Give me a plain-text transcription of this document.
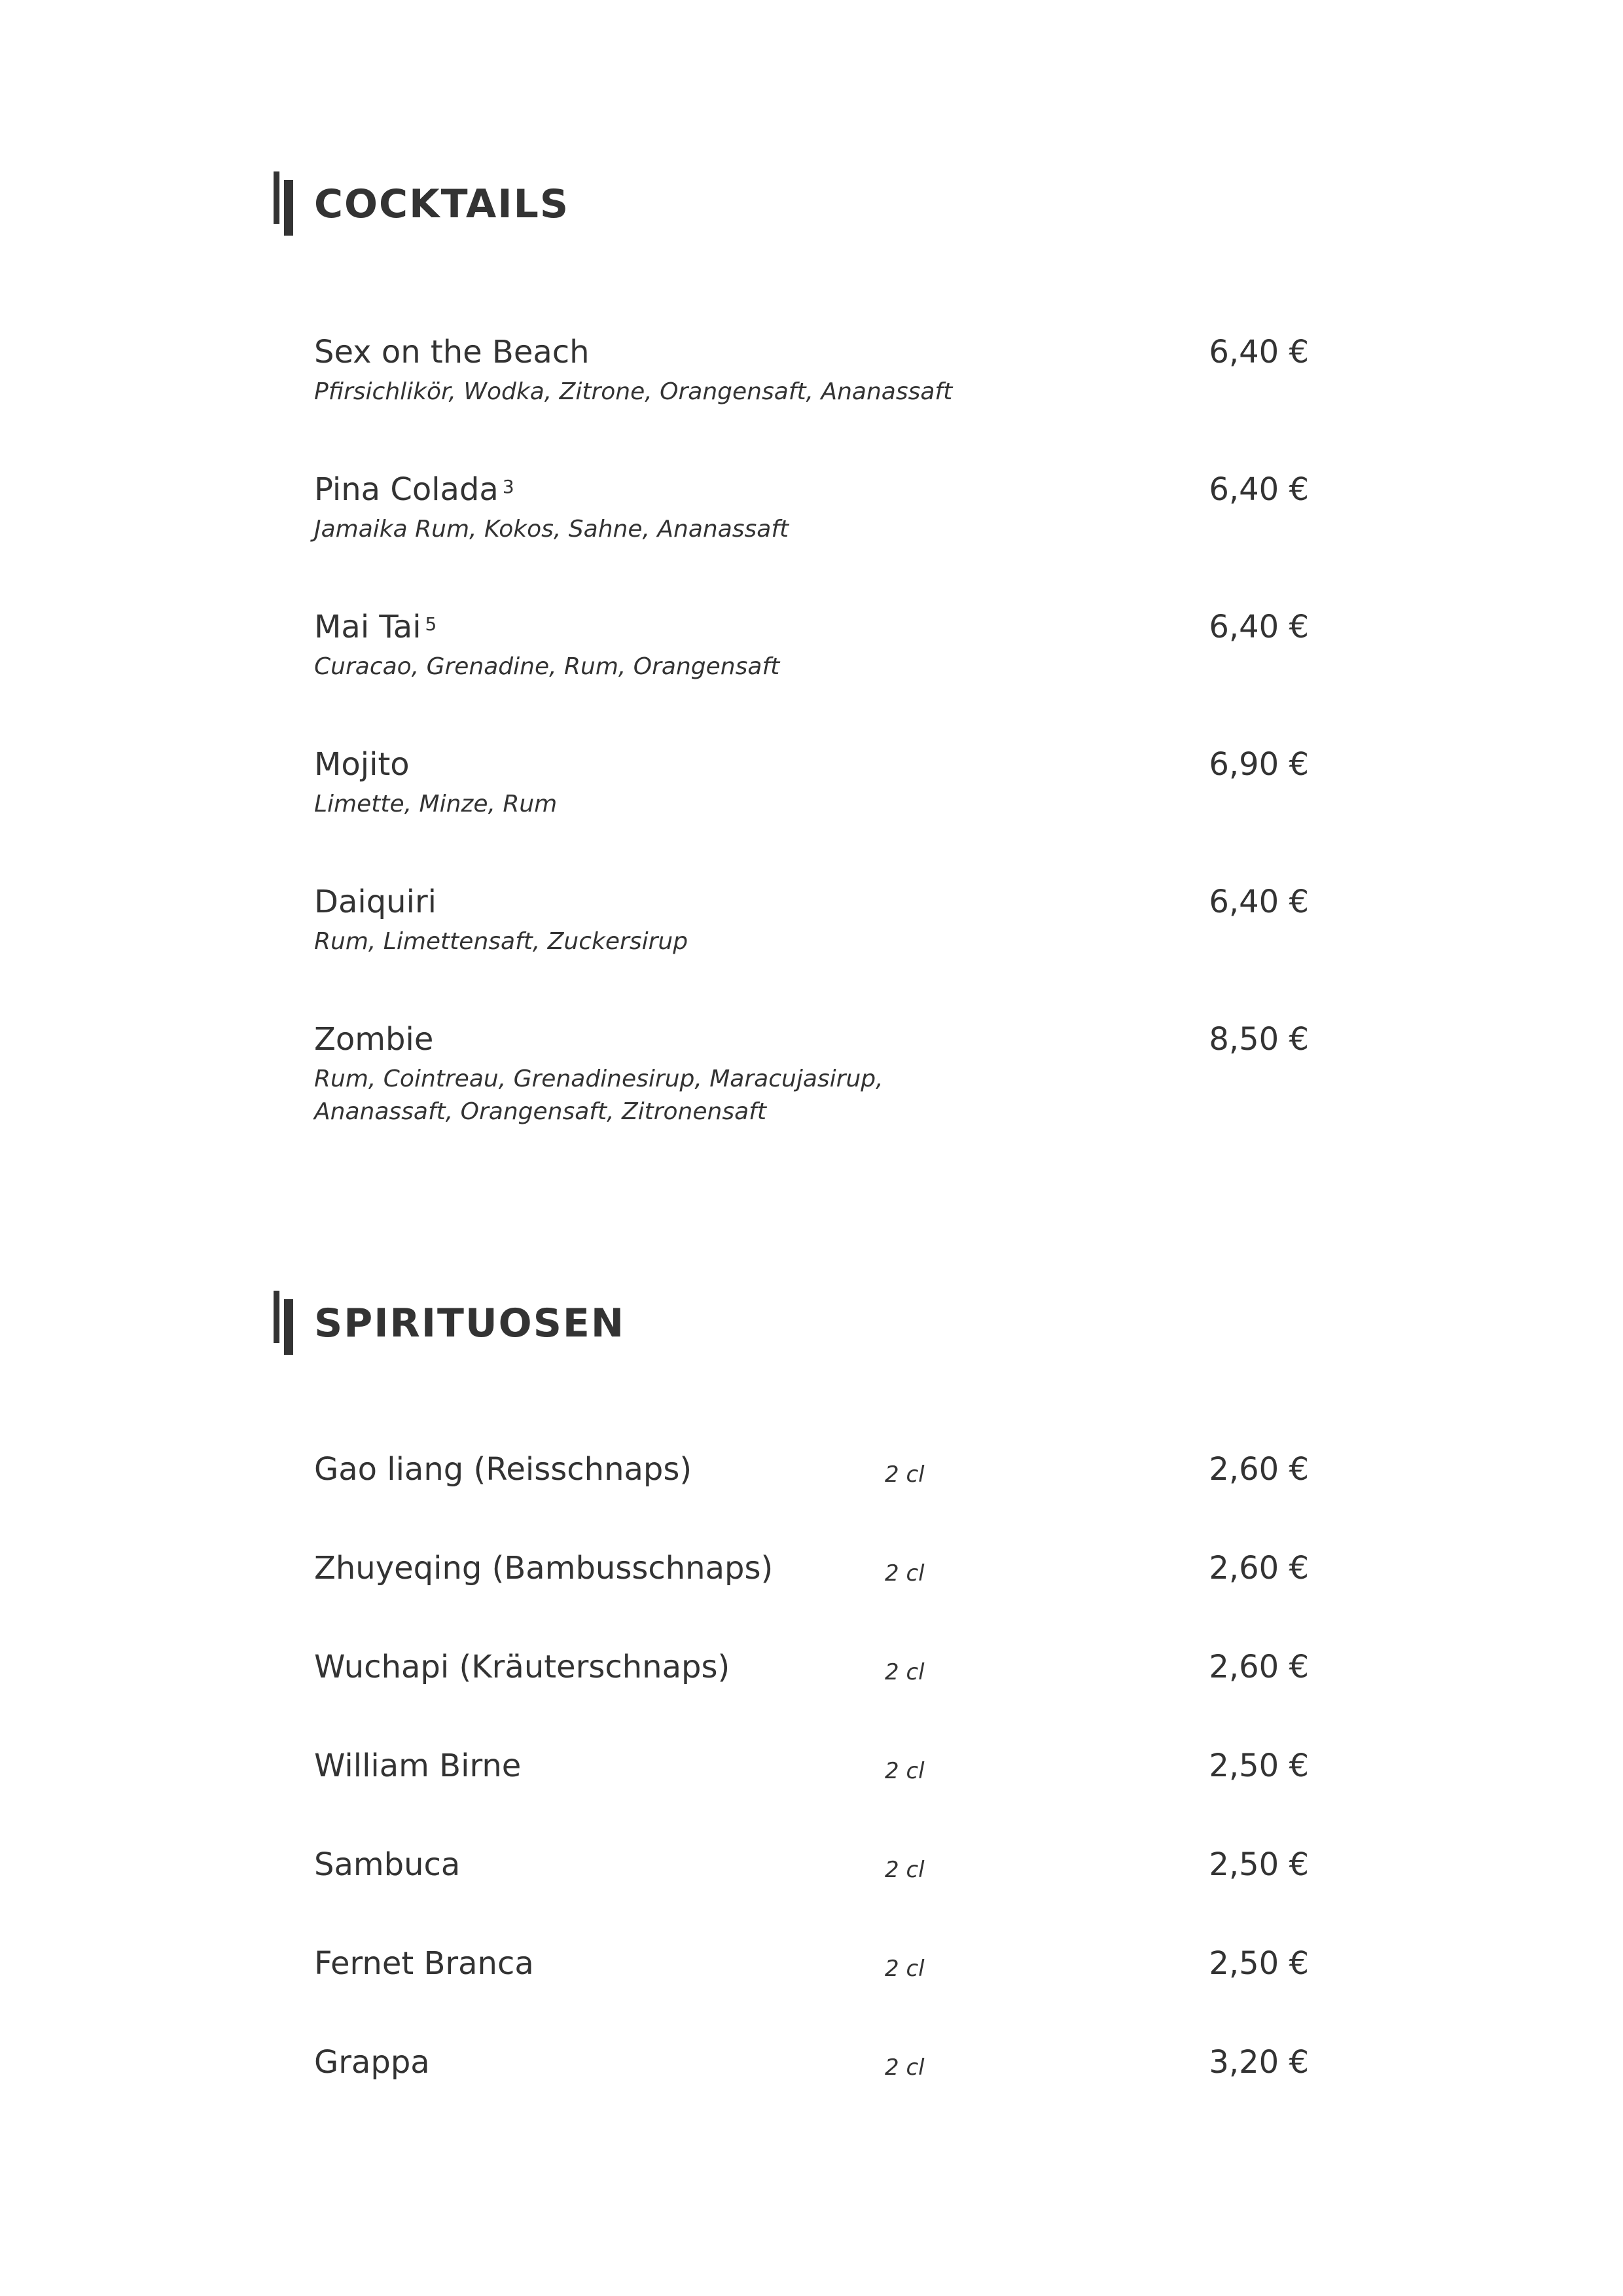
COCKTAILS
Sex on the Beach
Pfirsichlikör, Wodka, Zitrone, Orangensaft, Ananassaft
6,40 €
Pina Colada $^3$
Jamaika Rum, Kokos, Sahne, Ananassaft
6,40 €
Mai Tai $^5$
Curacao, Grenadine, Rum, Orangensaft
6,40 €
Mojito
Limette, Minze, Rum
6,90 €
Daiquiri
Rum, Limettensaft, Zuckersirup
6,40 €
Zombie
Rum, Cointreau, Grenadinesirup, Maracujasirup,
Ananassaft, Orangensaft, Zitronensaft
8,50 €
SPIRITUOSEN
Gao liang (Reisschnaps)	2 cl	2,60 €
Zhuyeqing (Bambusschnaps)	2 cl	2,60 €
Wuchapi (Kräuterschnaps)	2 cl	2,60 €
William Birne	2 cl	2,50 €
Sambuca	2 cl	2,50 €
Fernet Branca	2 cl	2,50 €
Grappa	2 cl	3,20 €
